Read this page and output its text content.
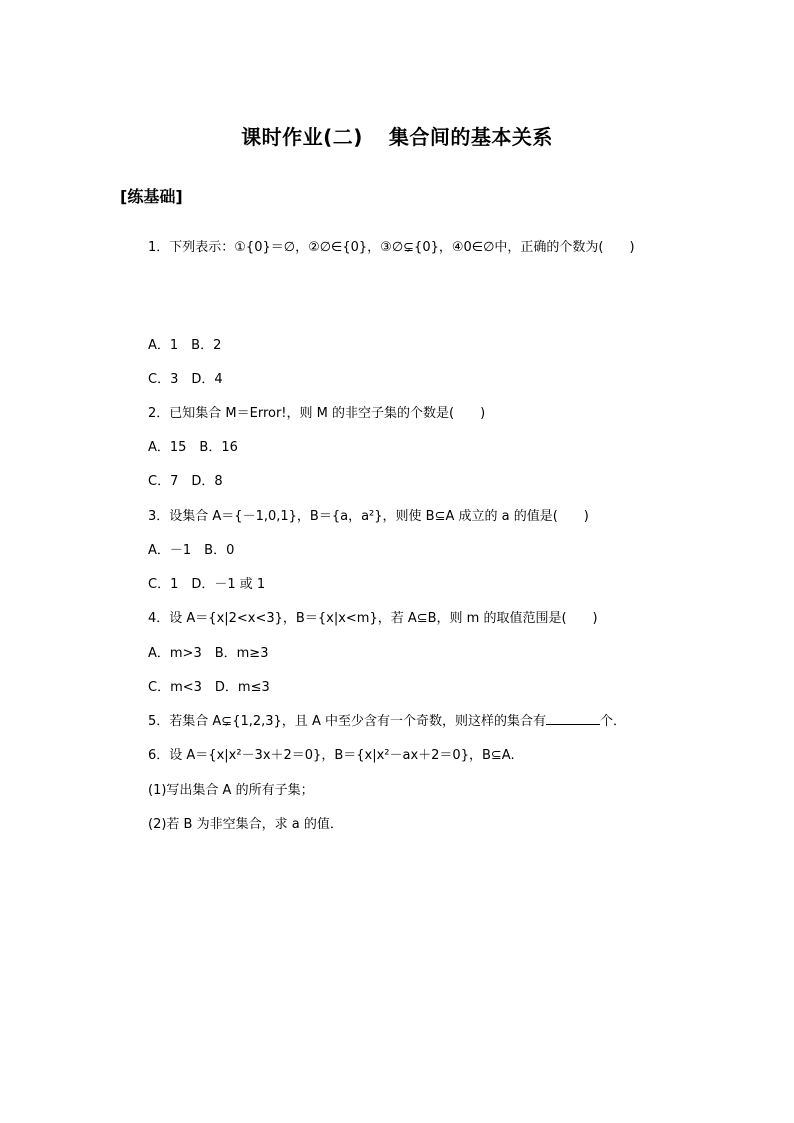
课时作业(二) 集合间的基本关系
[练基础]
1．下列表示：①{0}＝∅，②∅∈{0}，③∅⊊{0}，④0∈∅中，正确的个数为(　　)
A．1　B．2
C．3　D．4
2．已知集合 M＝Error!，则 M 的非空子集的个数是(　　)
A．15　B．16
C．7　D．8
3．设集合 A＝{－1,0,1}，B＝{a，a²}，则使 B⊆A 成立的 a 的值是(　　)
A．－1　B．0
C．1　D．－1 或 1
4．设 A＝{x|2<x<3}，B＝{x|x<m}，若 A⊆B，则 m 的取值范围是(　　)
A．m>3　B．m≥3
C．m<3　D．m≤3
5．若集合 A⊊{1,2,3}，且 A 中至少含有一个奇数，则这样的集合有	个．
6．设 A＝{x|x²－3x＋2＝0}，B＝{x|x²－ax＋2＝0}，B⊆A.
(1)写出集合 A 的所有子集；
(2)若 B 为非空集合，求 a 的值．
